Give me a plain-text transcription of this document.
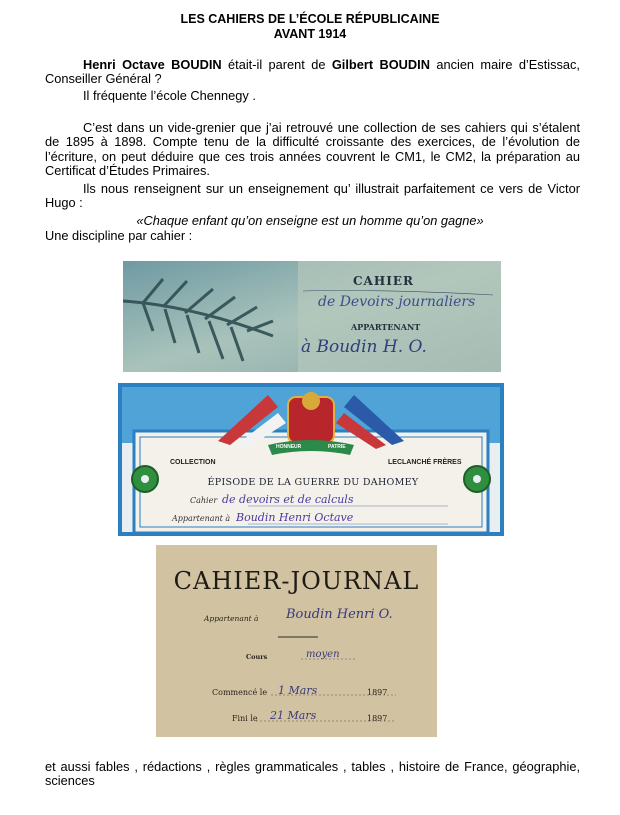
LES CAHIERS DE L’ÉCOLE RÉPUBLICAINE
AVANT 1914
Henri Octave BOUDIN était-il parent de Gilbert BOUDIN ancien maire d’Estissac, Conseiller Général ?
Il fréquente l’école Chennegy .
C’est dans un vide-grenier que j’ai retrouvé une collection de ses cahiers qui s’étalent de 1895 à 1898. Compte tenu de la difficulté croissante des exercices, de l’évolution de l’écriture, on peut déduire que ces trois années couvrent le CM1, le CM2, la préparation au Certificat d’Études Primaires.
Ils nous renseignent sur un enseignement qu’ illustrait parfaitement ce vers de Victor Hugo :
«Chaque enfant qu’on enseigne est un homme qu’on gagne»
Une discipline par cahier :
CAHIER
de Devoirs journaliers
APPARTENANT
à Boudin H. O.
HONNEUR	PATRIE
COLLECTION	LECLANCHÉ FRÈRES
ÉPISODE DE LA GUERRE DU DAHOMEY
Cahier de devoirs et de calculs
Appartenant à Boudin Henri Octave
CAHIER-JOURNAL
Appartenant à Boudin Henri O.
Cours	moyen
Commencé le 1 Mars	1897
Fini le 21 Mars	1897
et aussi fables , rédactions , règles grammaticales , tables , histoire de France, géographie, sciences
